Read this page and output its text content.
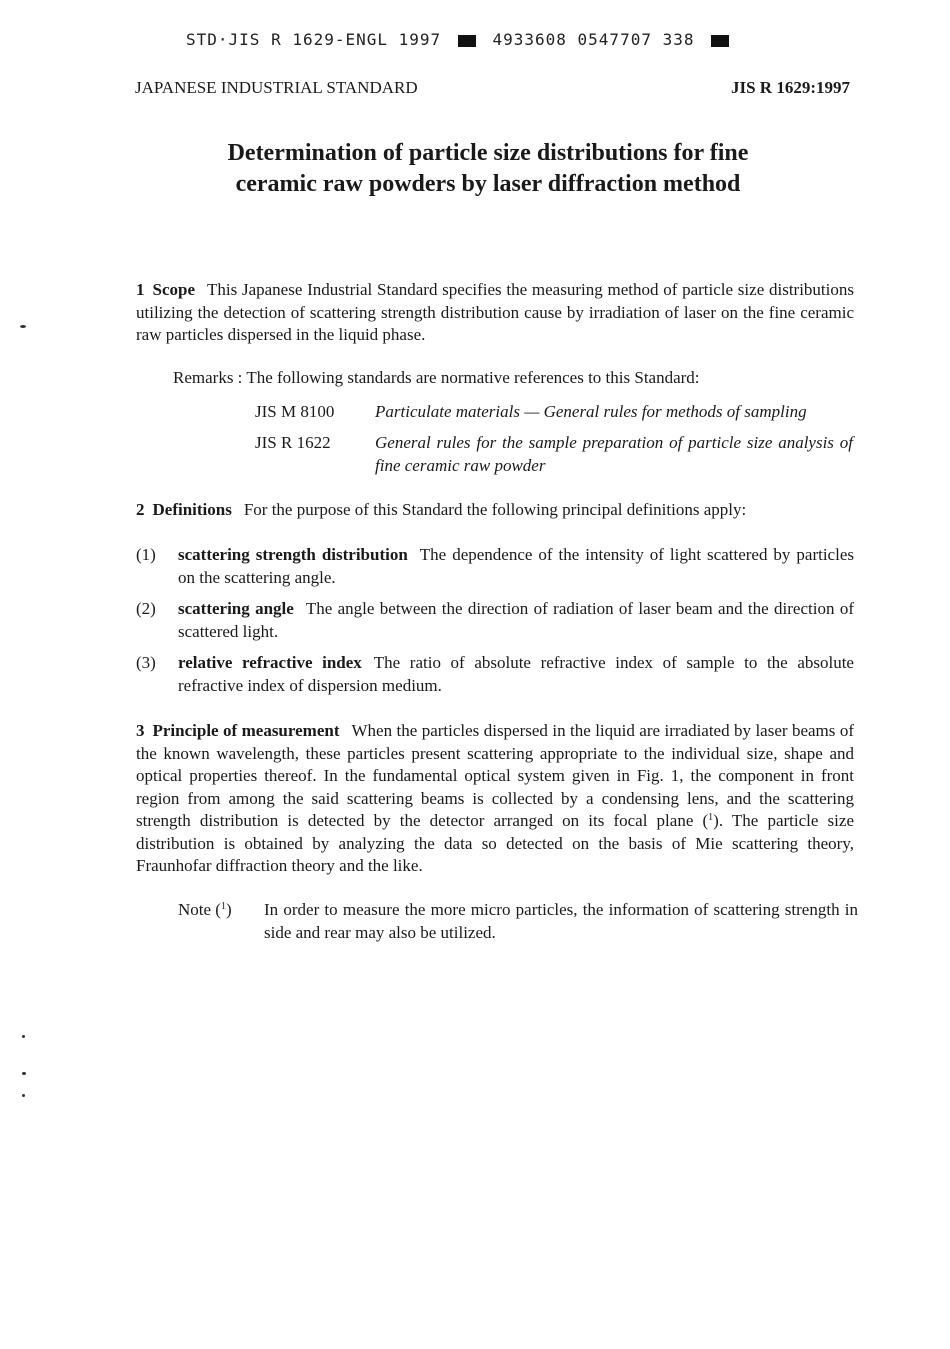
STD·JIS R 1629-ENGL 1997	4933608 0547707 338
JAPANESE INDUSTRIAL STANDARD	JIS R 1629:1997
Determination of particle size distributions for fine
ceramic raw powders by laser diffraction method
1 Scope This Japanese Industrial Standard specifies the measuring method of particle size distributions utilizing the detection of scattering strength distribution cause by irradiation of laser on the fine ceramic raw particles dispersed in the liquid phase.
Remarks : The following standards are normative references to this Standard:
JIS M 8100 Particulate materials — General rules for methods of sampling
JIS R 1622	General rules for the sample preparation of particle size analysis of fine ceramic raw powder
2 Definitions For the purpose of this Standard the following principal definitions apply:
(1) scattering strength distribution The dependence of the intensity of light scattered by particles on the scattering angle.
(2) scattering angle The angle between the direction of radiation of laser beam and the direction of scattered light.
(3) relative refractive index The ratio of absolute refractive index of sample to the absolute refractive index of dispersion medium.
3 Principle of measurement When the particles dispersed in the liquid are irradiated by laser beams of the known wavelength, these particles present scattering appropriate to the individual size, shape and optical properties thereof. In the fundamental optical system given in Fig. 1, the component in front region from among the said scattering beams is collected by a condensing lens, and the scattering strength distribution is detected by the detector arranged on its focal plane ($^1$). The particle size distribution is obtained by analyzing the data so detected on the basis of Mie scattering theory, Fraunhofar diffraction theory and the like.
Note ($^1$) In order to measure the more micro particles, the information of scattering strength in side and rear may also be utilized.
